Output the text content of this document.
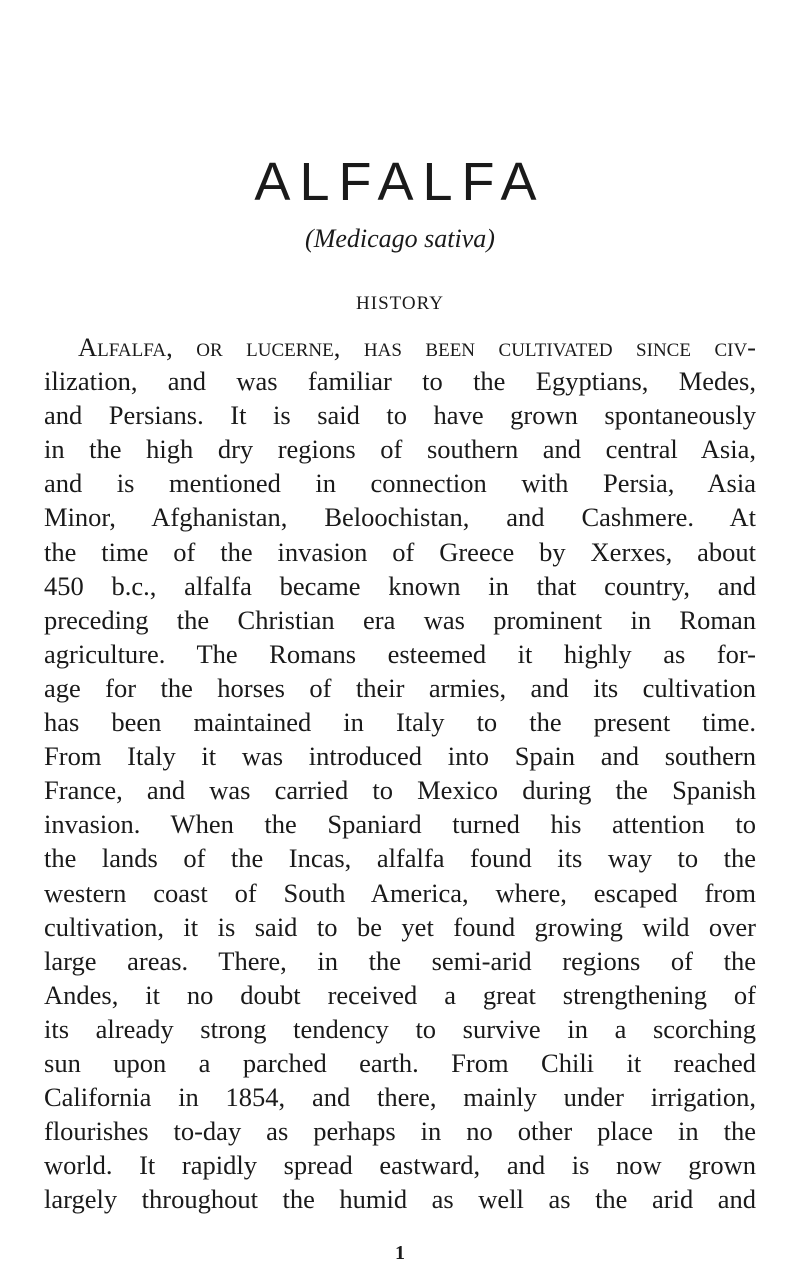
ALFALFA
(Medicago sativa)
HISTORY
Alfalfa, or lucerne, has been cultivated since civ-
ilization, and was familiar to the Egyptians, Medes,
and Persians. It is said to have grown spontaneously
in the high dry regions of southern and central Asia,
and is mentioned in connection with Persia, Asia
Minor, Afghanistan, Beloochistan, and Cashmere. At
the time of the invasion of Greece by Xerxes, about
450 b.c., alfalfa became known in that country, and
preceding the Christian era was prominent in Roman
agriculture. The Romans esteemed it highly as for-
age for the horses of their armies, and its cultivation
has been maintained in Italy to the present time.
From Italy it was introduced into Spain and southern
France, and was carried to Mexico during the Spanish
invasion. When the Spaniard turned his attention to
the lands of the Incas, alfalfa found its way to the
western coast of South America, where, escaped from
cultivation, it is said to be yet found growing wild over
large areas. There, in the semi-arid regions of the
Andes, it no doubt received a great strengthening of
its already strong tendency to survive in a scorching
sun upon a parched earth. From Chili it reached
California in 1854, and there, mainly under irrigation,
flourishes to-day as perhaps in no other place in the
world. It rapidly spread eastward, and is now grown
largely throughout the humid as well as the arid and
1
